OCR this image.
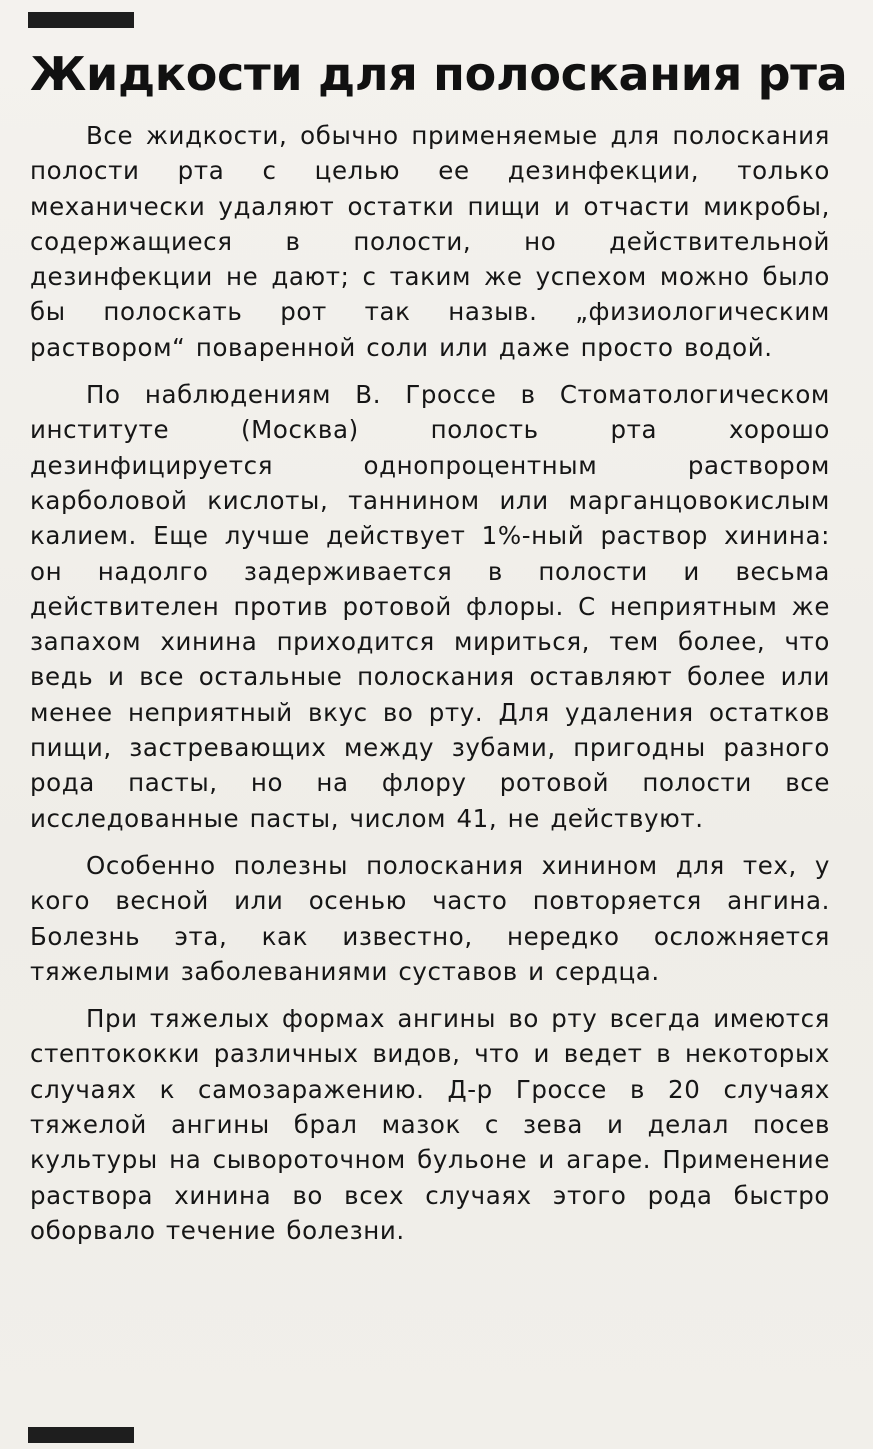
Жидкости для полоскания рта

Все жидкости, обычно применяемые для полоскания полости рта с целью ее дезинфекции, только механически удаляют остатки пищи и отчасти микробы, содержащиеся в полости, но действительной дезинфекции не дают; с таким же успехом можно было бы полоскать рот так назыв. „физиологическим раствором“ поваренной соли или даже просто водой.

По наблюдениям В. Гроссе в Стоматологическом институте (Москва) полость рта хорошо дезинфицируется однопроцентным раствором карболовой кислоты, таннином или марганцовокислым калием. Еще лучше действует 1%-ный раствор хинина: он надолго задерживается в полости и весьма действителен против ротовой флоры. С неприятным же запахом хинина приходится мириться, тем более, что ведь и все остальные полоскания оставляют более или менее неприятный вкус во рту. Для удаления остатков пищи, застревающих между зубами, пригодны разного рода пасты, но на флору ротовой полости все исследованные пасты, числом 41, не действуют.

Особенно полезны полоскания хинином для тех, у кого весной или осенью часто повторяется ангина. Болезнь эта, как известно, нередко осложняется тяжелыми заболеваниями суставов и сердца.

При тяжелых формах ангины во рту всегда имеются стептококки различных видов, что и ведет в некоторых случаях к самозаражению. Д-р Гроссе в 20 случаях тяжелой ангины брал мазок с зева и делал посев культуры на сывороточном бульоне и агаре. Применение раствора хинина во всех случаях этого рода быстро оборвало течение болезни.
